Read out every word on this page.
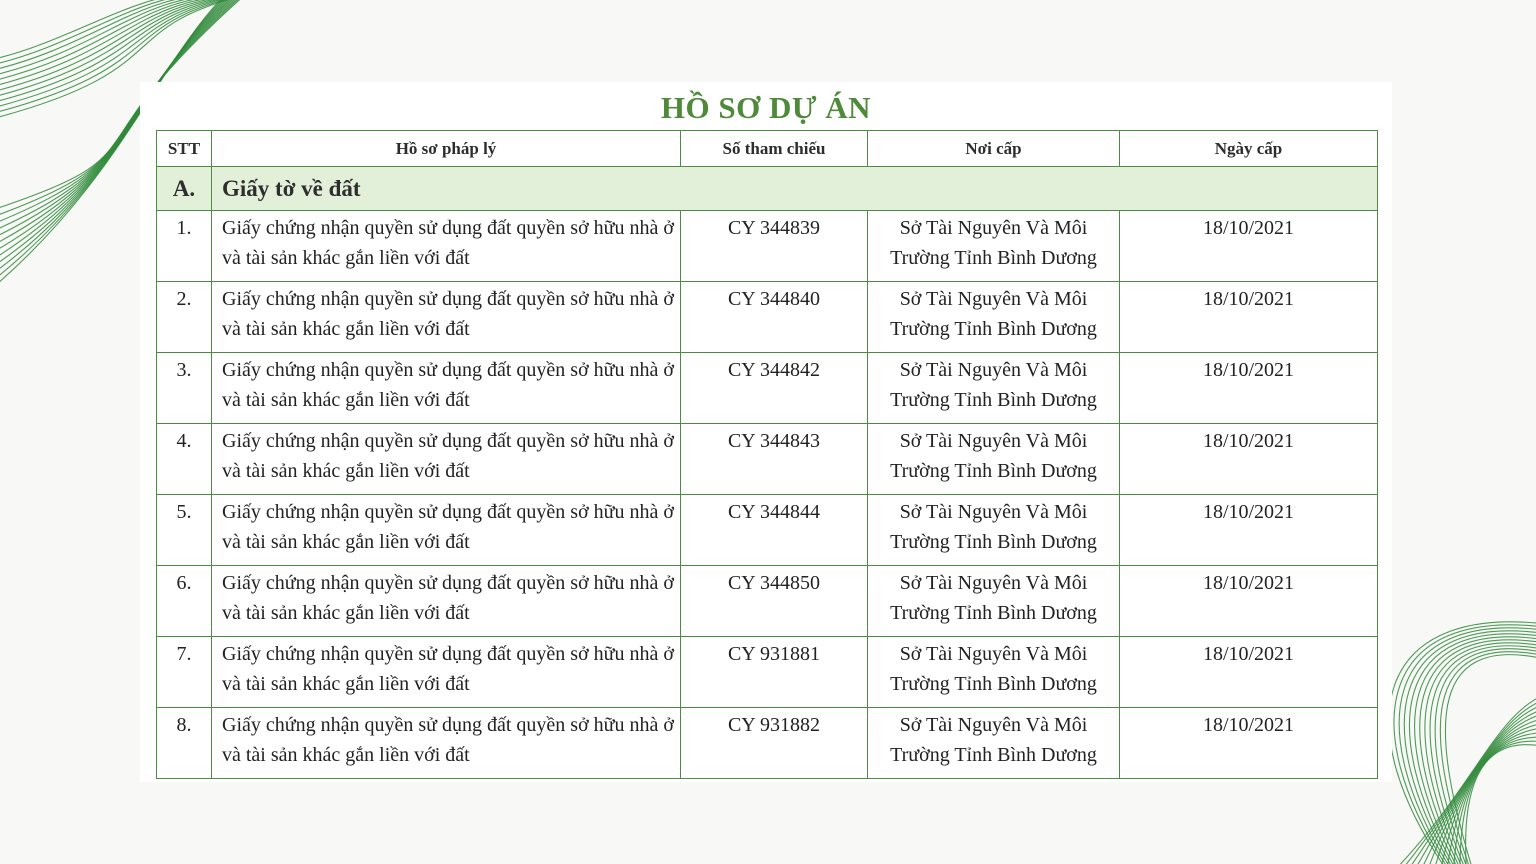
HỒ SƠ DỰ ÁN
STT	Hồ sơ pháp lý	Số tham chiếu	Nơi cấp	Ngày cấp
A.	Giấy tờ về đất			
1.	Giấy chứng nhận quyền sử dụng đất quyền sở hữu nhà ở và tài sản khác gắn liền với đất	CY 344839	Sở Tài Nguyên Và Môi Trường Tỉnh Bình Dương	18/10/2021
2.	Giấy chứng nhận quyền sử dụng đất quyền sở hữu nhà ở và tài sản khác gắn liền với đất	CY 344840	Sở Tài Nguyên Và Môi Trường Tỉnh Bình Dương	18/10/2021
3.	Giấy chứng nhận quyền sử dụng đất quyền sở hữu nhà ở và tài sản khác gắn liền với đất	CY 344842	Sở Tài Nguyên Và Môi Trường Tỉnh Bình Dương	18/10/2021
4.	Giấy chứng nhận quyền sử dụng đất quyền sở hữu nhà ở và tài sản khác gắn liền với đất	CY 344843	Sở Tài Nguyên Và Môi Trường Tỉnh Bình Dương	18/10/2021
5.	Giấy chứng nhận quyền sử dụng đất quyền sở hữu nhà ở và tài sản khác gắn liền với đất	CY 344844	Sở Tài Nguyên Và Môi Trường Tỉnh Bình Dương	18/10/2021
6.	Giấy chứng nhận quyền sử dụng đất quyền sở hữu nhà ở và tài sản khác gắn liền với đất	CY 344850	Sở Tài Nguyên Và Môi Trường Tỉnh Bình Dương	18/10/2021
7.	Giấy chứng nhận quyền sử dụng đất quyền sở hữu nhà ở và tài sản khác gắn liền với đất	CY 931881	Sở Tài Nguyên Và Môi Trường Tỉnh Bình Dương	18/10/2021
8.	Giấy chứng nhận quyền sử dụng đất quyền sở hữu nhà ở và tài sản khác gắn liền với đất	CY 931882	Sở Tài Nguyên Và Môi Trường Tỉnh Bình Dương	18/10/2021
